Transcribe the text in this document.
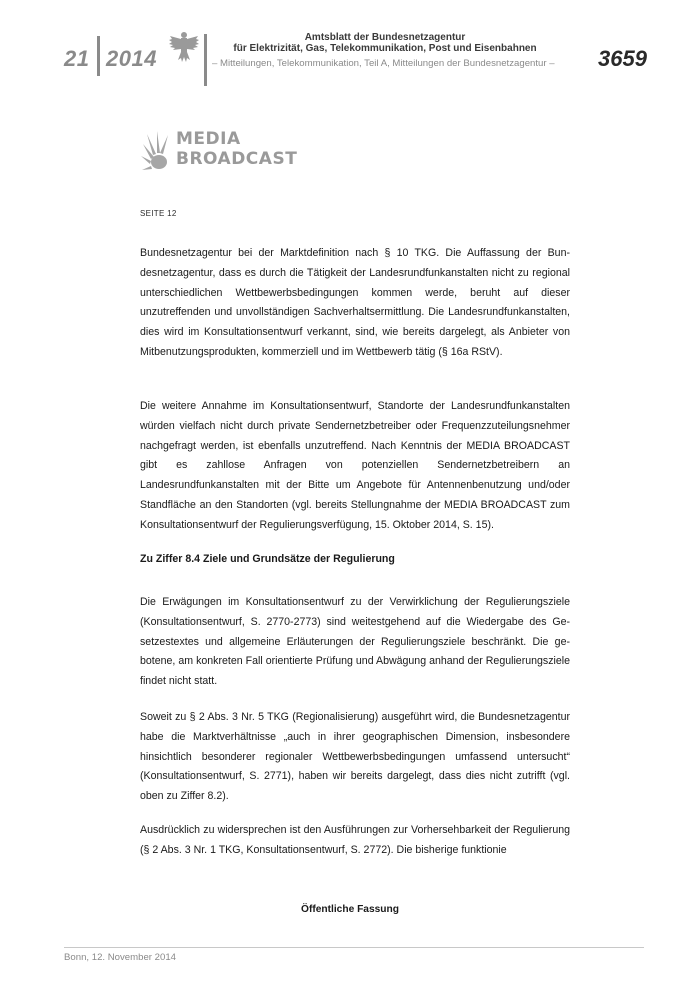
21 2014
Amtsblatt der Bundesnetzagentur
für Elektrizität, Gas, Telekommunikation, Post und Eisenbahnen
– Mitteilungen, Telekommunikation, Teil A, Mitteilungen der Bundesnetzagentur – 3659
MEDIA
BROADCAST
SEITE 12
Bundesnetzagentur bei der Marktdefinition nach § 10 TKG. Die Auffassung der Bundesnetzagentur, dass es durch die Tätigkeit der Landesrundfunkanstalten nicht zu regional unterschiedlichen Wettbewerbsbedingungen kommen werde, beruht auf dieser unzutreffenden und unvollständigen Sachverhaltsermittlung. Die Landesrundfunkanstalten, dies wird im Konsultationsentwurf verkannt, sind, wie bereits dargelegt, als Anbieter von Mitbenutzungsprodukten, kommerziell und im Wettbewerb tätig (§ 16a RStV).
Die weitere Annahme im Konsultationsentwurf, Standorte der Landesrundfunkanstalten würden vielfach nicht durch private Sendernetzbetreiber oder Frequenzzuteilungsnehmer nachgefragt werden, ist ebenfalls unzutreffend. Nach Kenntnis der MEDIA BROADCAST gibt es zahllose Anfragen von potenziellen Sendernetzbetreibern an Landesrundfunkanstalten mit der Bitte um Angebote für Antennenbenutzung und/oder Standfläche an den Standorten (vgl. bereits Stellungnahme der MEDIA BROADCAST zum Konsultationsentwurf der Regulierungsverfügung, 15. Oktober 2014, S. 15).
Zu Ziffer 8.4 Ziele und Grundsätze der Regulierung
Die Erwägungen im Konsultationsentwurf zu der Verwirklichung der Regulierungsziele (Konsultationsentwurf, S. 2770-2773) sind weitestgehend auf die Wiedergabe des Gesetzestextes und allgemeine Erläuterungen der Regulierungsziele beschränkt. Die gebotene, am konkreten Fall orientierte Prüfung und Abwägung anhand der Regulierungsziele findet nicht statt.
Soweit zu § 2 Abs. 3 Nr. 5 TKG (Regionalisierung) ausgeführt wird, die Bundesnetzagentur habe die Marktverhältnisse „auch in ihrer geographischen Dimension, insbesondere hinsichtlich besonderer regionaler Wettbewerbsbedingungen umfassend untersucht“ (Konsultationsentwurf, S. 2771), haben wir bereits dargelegt, dass dies nicht zutrifft (vgl. oben zu Ziffer 8.2).
Ausdrücklich zu widersprechen ist den Ausführungen zur Vorhersehbarkeit der Regulierung (§ 2 Abs. 3 Nr. 1 TKG, Konsultationsentwurf, S. 2772). Die bisherige funktionie
Öffentliche Fassung
Bonn, 12. November 2014
